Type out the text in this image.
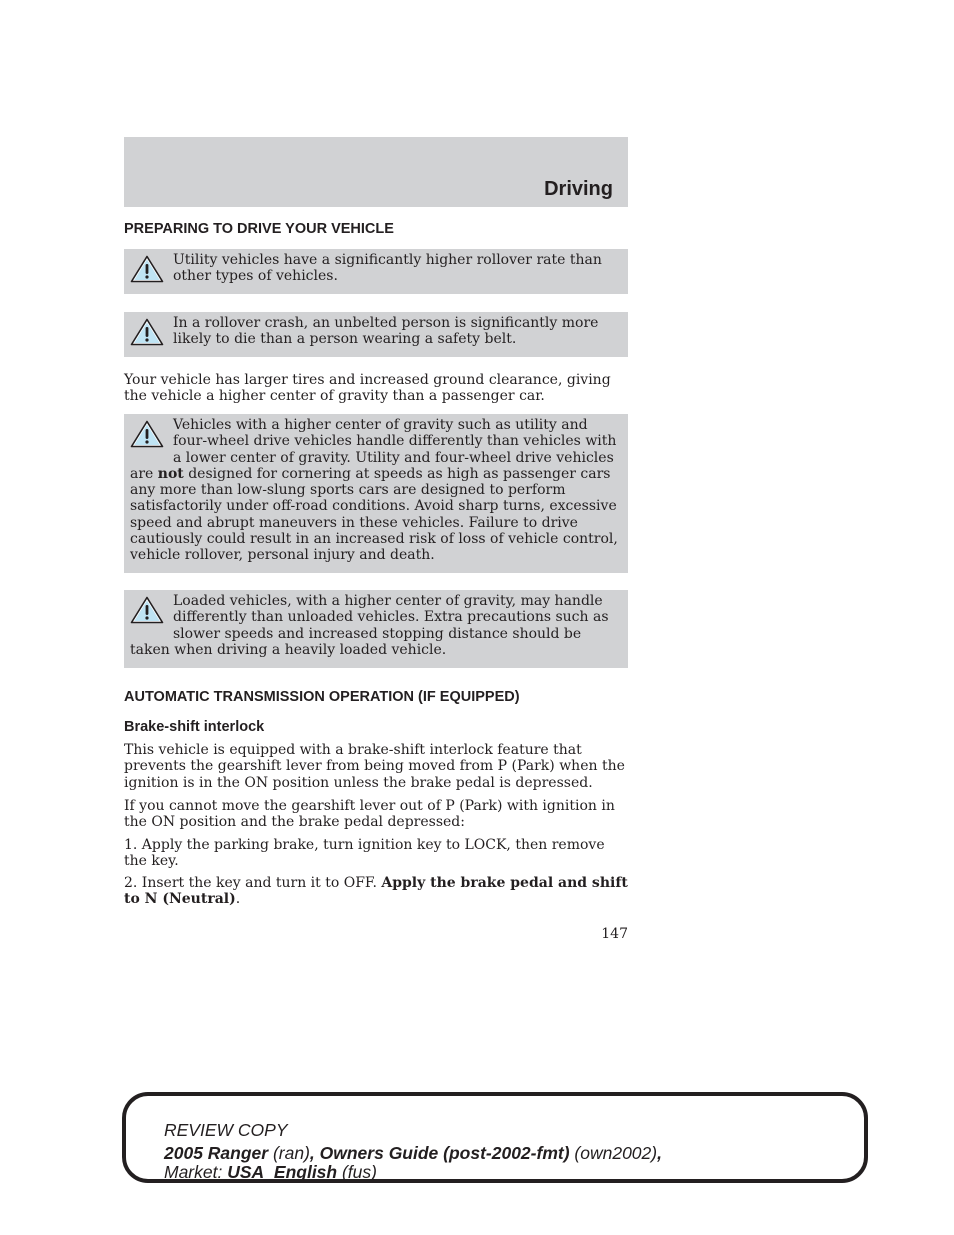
Driving
PREPARING TO DRIVE YOUR VEHICLE
Utility vehicles have a significantly higher rollover rate than other types of vehicles.
In a rollover crash, an unbelted person is significantly more likely to die than a person wearing a safety belt.
Your vehicle has larger tires and increased ground clearance, giving the vehicle a higher center of gravity than a passenger car.
Vehicles with a higher center of gravity such as utility and four-wheel drive vehicles handle differently than vehicles with a lower center of gravity. Utility and four-wheel drive vehicles are not designed for cornering at speeds as high as passenger cars any more than low-slung sports cars are designed to perform satisfactorily under off-road conditions. Avoid sharp turns, excessive speed and abrupt maneuvers in these vehicles. Failure to drive cautiously could result in an increased risk of loss of vehicle control, vehicle rollover, personal injury and death.
Loaded vehicles, with a higher center of gravity, may handle differently than unloaded vehicles. Extra precautions such as slower speeds and increased stopping distance should be taken when driving a heavily loaded vehicle.
AUTOMATIC TRANSMISSION OPERATION (IF EQUIPPED)
Brake-shift interlock
This vehicle is equipped with a brake-shift interlock feature that prevents the gearshift lever from being moved from P (Park) when the ignition is in the ON position unless the brake pedal is depressed.
If you cannot move the gearshift lever out of P (Park) with ignition in the ON position and the brake pedal depressed:
1. Apply the parking brake, turn ignition key to LOCK, then remove the key.
2. Insert the key and turn it to OFF. Apply the brake pedal and shift to N (Neutral).
147
REVIEW COPY
2005 Ranger (ran), Owners Guide (post-2002-fmt) (own2002),
Market: USA_English (fus)
